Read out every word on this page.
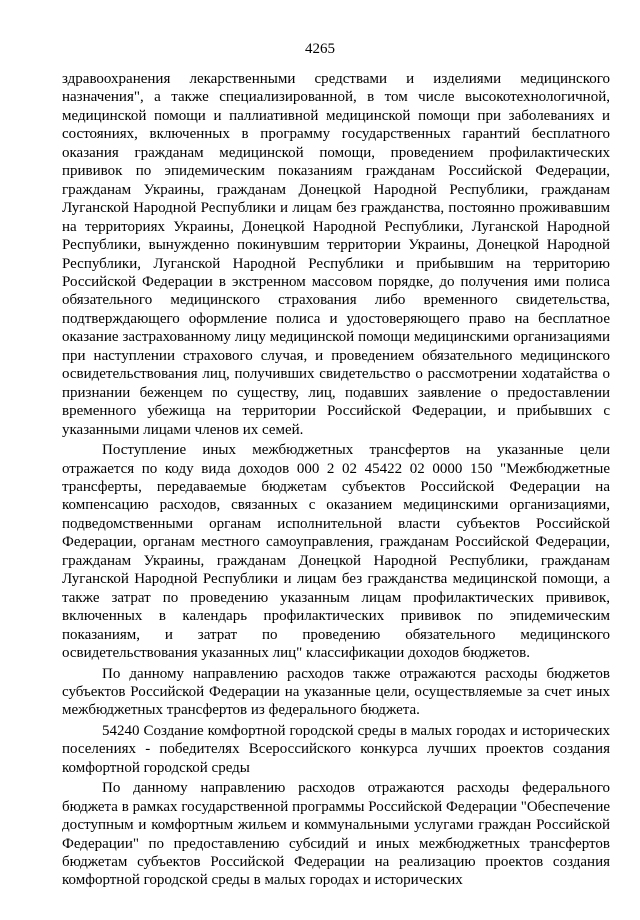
4265

здравоохранения лекарственными средствами и изделиями медицинского назначения", а также специализированной, в том числе высокотехнологичной, медицинской помощи и паллиативной медицинской помощи при заболеваниях и состояниях, включенных в программу государственных гарантий бесплатного оказания гражданам медицинской помощи, проведением профилактических прививок по эпидемическим показаниям гражданам Российской Федерации, гражданам Украины, гражданам Донецкой Народной Республики, гражданам Луганской Народной Республики и лицам без гражданства, постоянно проживавшим на территориях Украины, Донецкой Народной Республики, Луганской Народной Республики, вынужденно покинувшим территории Украины, Донецкой Народной Республики, Луганской Народной Республики и прибывшим на территорию Российской Федерации в экстренном массовом порядке, до получения ими полиса обязательного медицинского страхования либо временного свидетельства, подтверждающего оформление полиса и удостоверяющего право на бесплатное оказание застрахованному лицу медицинской помощи медицинскими организациями при наступлении страхового случая, и проведением обязательного медицинского освидетельствования лиц, получивших свидетельство о рассмотрении ходатайства о признании беженцем по существу, лиц, подавших заявление о предоставлении временного убежища на территории Российской Федерации, и прибывших с указанными лицами членов их семей.

Поступление иных межбюджетных трансфертов на указанные цели отражается по коду вида доходов 000 2 02 45422 02 0000 150 "Межбюджетные трансферты, передаваемые бюджетам субъектов Российской Федерации на компенсацию расходов, связанных с оказанием медицинскими организациями, подведомственными органам исполнительной власти субъектов Российской Федерации, органам местного самоуправления, гражданам Российской Федерации, гражданам Украины, гражданам Донецкой Народной Республики, гражданам Луганской Народной Республики и лицам без гражданства медицинской помощи, а также затрат по проведению указанным лицам профилактических прививок, включенных в календарь профилактических прививок по эпидемическим показаниям, и затрат по проведению обязательного медицинского освидетельствования указанных лиц" классификации доходов бюджетов.

По данному направлению расходов также отражаются расходы бюджетов субъектов Российской Федерации на указанные цели, осуществляемые за счет иных межбюджетных трансфертов из федерального бюджета.

54240 Создание комфортной городской среды в малых городах и исторических поселениях - победителях Всероссийского конкурса лучших проектов создания комфортной городской среды

По данному направлению расходов отражаются расходы федерального бюджета в рамках государственной программы Российской Федерации "Обеспечение доступным и комфортным жильем и коммунальными услугами граждан Российской Федерации" по предоставлению субсидий и иных межбюджетных трансфертов бюджетам субъектов Российской Федерации на реализацию проектов создания комфортной городской среды в малых городах и исторических
